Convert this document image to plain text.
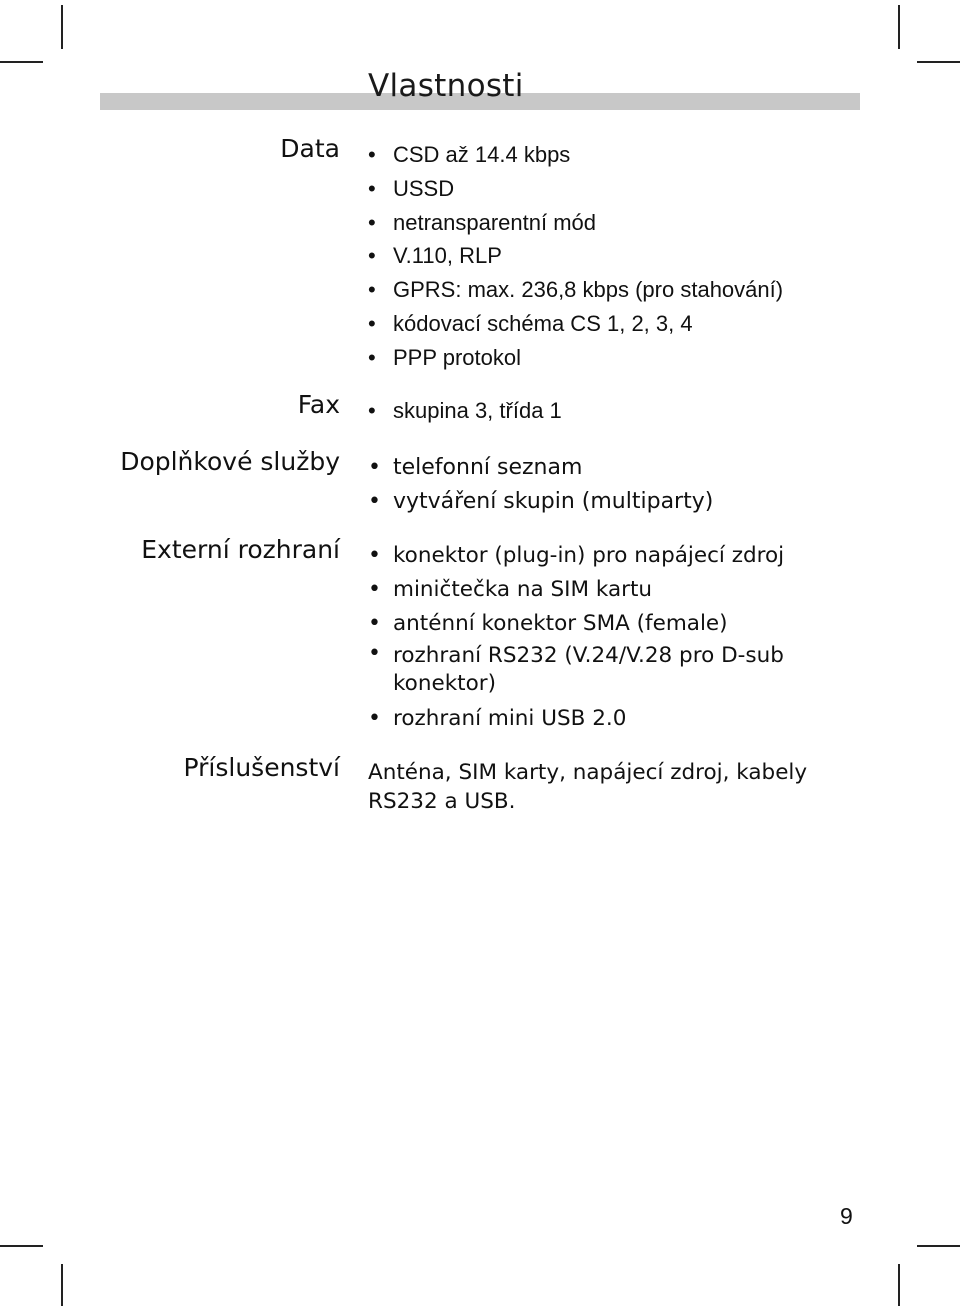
Vlastnosti
Data • CSD až 14.4 kbps
• USSD
• netransparentní mód
• V.110, RLP
• GPRS: max. 236,8 kbps (pro stahování)
• kódovací schéma CS 1, 2, 3, 4
• PPP protokol
Fax • skupina 3, třída 1
Doplňkové služby • telefonní seznam
• vytváření skupin (multiparty)
Externí rozhraní • konektor (plug-in) pro napájecí zdroj
• miničtečka na SIM kartu
• anténní konektor SMA (female)
• rozhraní RS232 (V.24/V.28 pro D-sub konektor)
• rozhraní mini USB 2.0
Příslušenství Anténa, SIM karty, napájecí zdroj, kabely RS232 a USB.
9
